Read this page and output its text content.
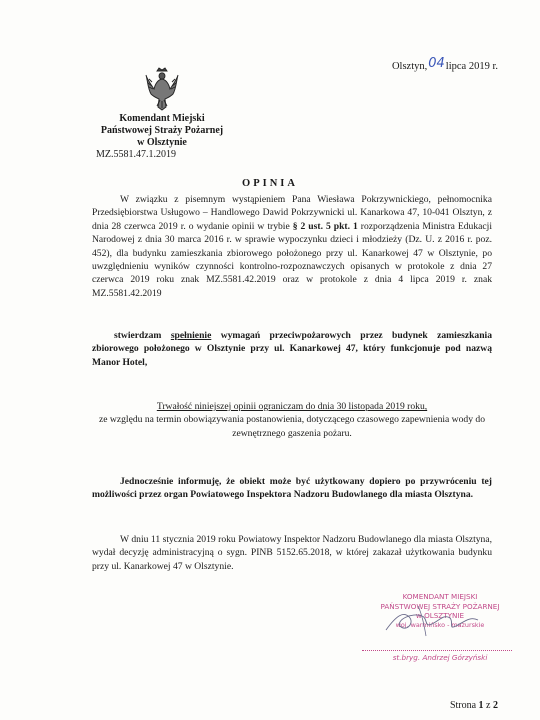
Olsztyn,04lipca 2019 r.
Komendant Miejski
Państwowej Straży Pożarnej
w Olsztynie
MZ.5581.47.1.2019
OPINIA
W związku z pisemnym wystąpieniem Pana Wiesława Pokrzywnickiego, pełnomocnika Przedsiębiorstwa Usługowo – Handlowego Dawid Pokrzywnicki ul. Kanarkowa 47, 10-041 Olsztyn, z dnia 28 czerwca 2019 r. o wydanie opinii w trybie § 2 ust. 5 pkt. 1 rozporządzenia Ministra Edukacji Narodowej z dnia 30 marca 2016 r. w sprawie wypoczynku dzieci i młodzieży (Dz. U. z 2016 r. poz. 452), dla budynku zamieszkania zbiorowego położonego przy ul. Kanarkowej 47 w Olsztynie, po uwzględnieniu wyników czynności kontrolno-rozpoznawczych opisanych w protokole z dnia 27 czerwca 2019 roku znak MZ.5581.42.2019 oraz w protokole z dnia 4 lipca 2019 r. znak MZ.5581.42.2019
stwierdzam spełnienie wymagań przeciwpożarowych przez budynek zamieszkania zbiorowego położonego w Olsztynie przy ul. Kanarkowej 47, który funkcjonuje pod nazwą Manor Hotel,
Trwałość niniejszej opinii ograniczam do dnia 30 listopada 2019 roku,
ze względu na termin obowiązywania postanowienia, dotyczącego czasowego zapewnienia wody do zewnętrznego gaszenia pożaru.
Jednocześnie informuję, że obiekt może być użytkowany dopiero po przywróceniu tej możliwości przez organ Powiatowego Inspektora Nadzoru Budowlanego dla miasta Olsztyna.
W dniu 11 stycznia 2019 roku Powiatowy Inspektor Nadzoru Budowlanego dla miasta Olsztyna, wydał decyzję administracyjną o sygn. PINB 5152.65.2018, w której zakazał użytkowania budynku przy ul. Kanarkowej 47 w Olsztynie.
KOMENDANT MIEJSKI
PAŃSTWOWEJ STRAŻY POŻARNEJ
w OLSZTYNIE
woj. warmińsko - mazurskie
st.bryg. Andrzej Górzyński
Strona 1 z 2
